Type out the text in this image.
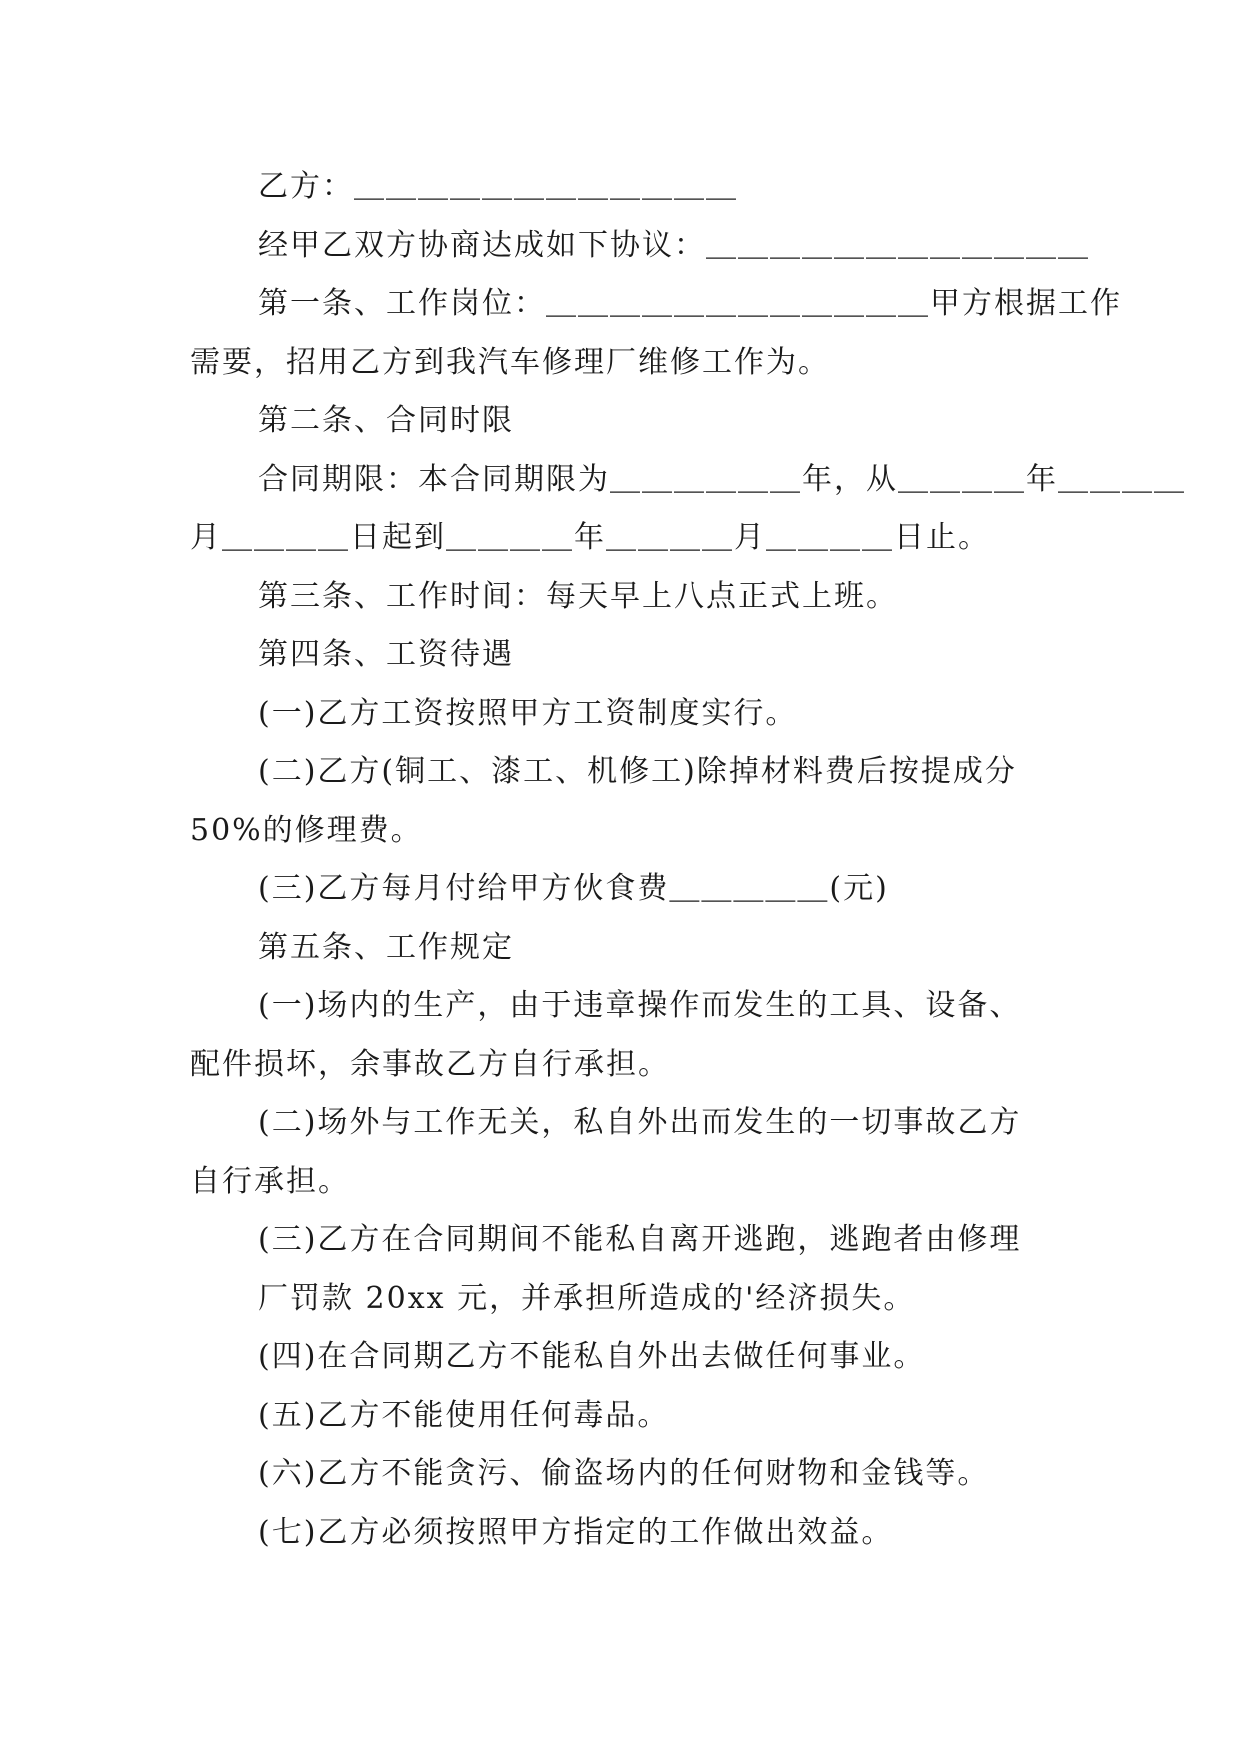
乙方：＿＿＿＿＿＿＿＿＿＿＿＿

经甲乙双方协商达成如下协议：＿＿＿＿＿＿＿＿＿＿＿＿

第一条、工作岗位：＿＿＿＿＿＿＿＿＿＿＿＿甲方根据工作

需要，招用乙方到我汽车修理厂维修工作为。

第二条、合同时限

合同期限：本合同期限为＿＿＿＿＿＿年，从＿＿＿＿年＿＿＿＿

月＿＿＿＿日起到＿＿＿＿年＿＿＿＿月＿＿＿＿日止。

第三条、工作时间：每天早上八点正式上班。

第四条、工资待遇

(一)乙方工资按照甲方工资制度实行。

(二)乙方(铜工、漆工、机修工)除掉材料费后按提成分

50%的修理费。

(三)乙方每月付给甲方伙食费＿＿＿＿＿(元)

第五条、工作规定

(一)场内的生产，由于违章操作而发生的工具、设备、

配件损坏，余事故乙方自行承担。

(二)场外与工作无关，私自外出而发生的一切事故乙方

自行承担。

(三)乙方在合同期间不能私自离开逃跑，逃跑者由修理

厂罚款 20xx 元，并承担所造成的'经济损失。

(四)在合同期乙方不能私自外出去做任何事业。

(五)乙方不能使用任何毒品。

(六)乙方不能贪污、偷盗场内的任何财物和金钱等。

(七)乙方必须按照甲方指定的工作做出效益。
